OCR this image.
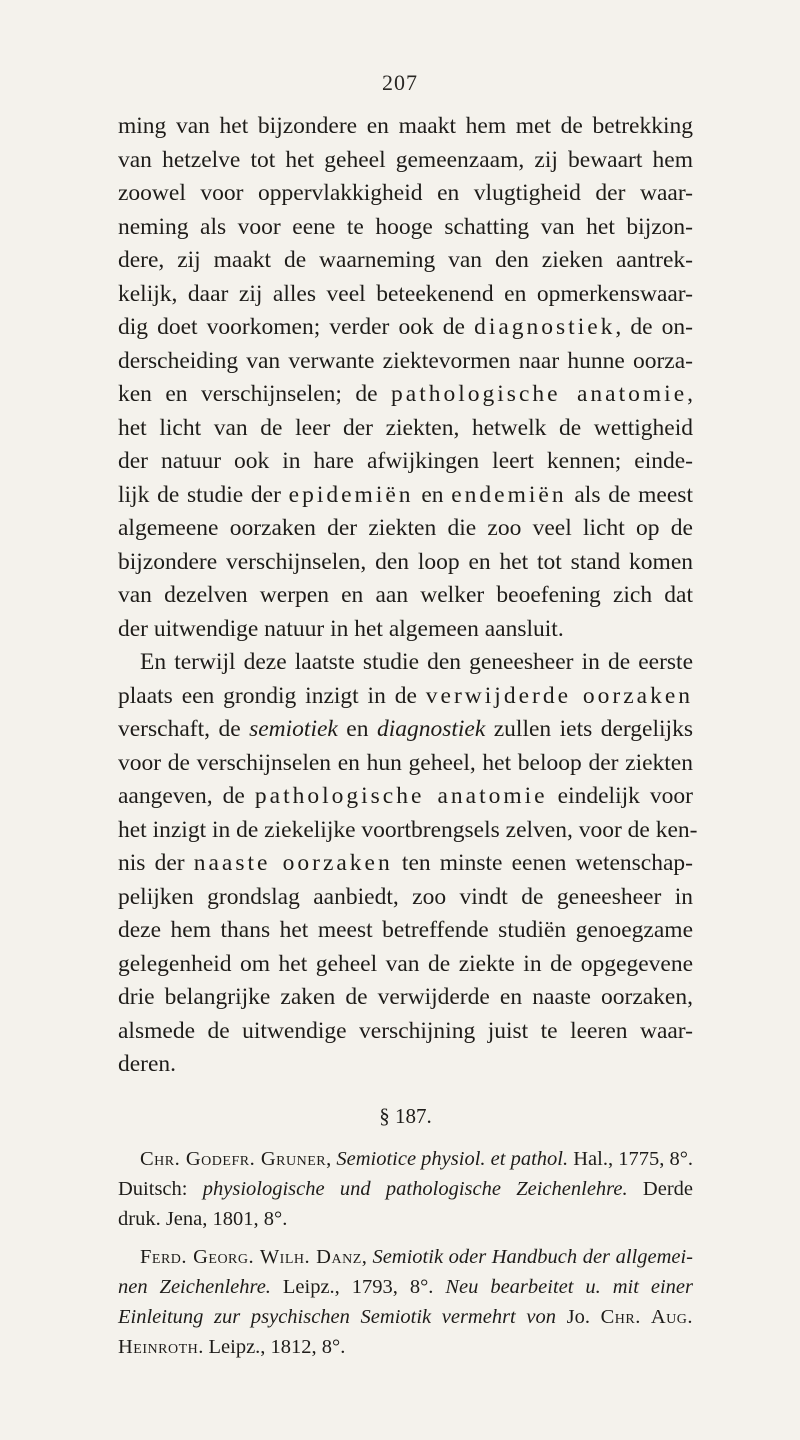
207
ming van het bijzondere en maakt hem met de betrekking
van hetzelve tot het geheel gemeenzaam, zij bewaart hem
zoowel voor oppervlakkigheid en vlugtigheid der waar-
neming als voor eene te hooge schatting van het bijzon-
dere, zij maakt de waarneming van den zieken aantrek-
kelijk, daar zij alles veel beteekenend en opmerkenswaar-
dig doet voorkomen; verder ook de diagnostiek, de on-
derscheiding van verwante ziektevormen naar hunne oorza-
ken en verschijnselen; de pathologische anatomie,
het licht van de leer der ziekten, hetwelk de wettigheid
der natuur ook in hare afwijkingen leert kennen; einde-
lijk de studie der epidemiën en endemiën als de meest
algemeene oorzaken der ziekten die zoo veel licht op de
bijzondere verschijnselen, den loop en het tot stand komen
van dezelven werpen en aan welker beoefening zich dat
der uitwendige natuur in het algemeen aansluit.
En terwijl deze laatste studie den geneesheer in de eerste
plaats een grondig inzigt in de verwijderde oorzaken
verschaft, de semiotiek en diagnostiek zullen iets dergelijks
voor de verschijnselen en hun geheel, het beloop der ziekten
aangeven, de pathologische anatomie eindelijk voor
het inzigt in de ziekelijke voortbrengsels zelven, voor de ken-
nis der naaste oorzaken ten minste eenen wetenschap-
pelijken grondslag aanbiedt, zoo vindt de geneesheer in
deze hem thans het meest betreffende studiën genoegzame
gelegenheid om het geheel van de ziekte in de opgegevene
drie belangrijke zaken de verwijderde en naaste oorzaken,
alsmede de uitwendige verschijning juist te leeren waar-
deren.
§ 187.
Chr. Godefr. Gruner, Semiotice physiol. et pathol. Hal., 1775, 8°.
Duitsch: physiologische und pathologische Zeichenlehre. Derde
druk. Jena, 1801, 8°.
Ferd. Georg. Wilh. Danz, Semiotik oder Handbuch der allgemei-
nen Zeichenlehre. Leipz., 1793, 8°. Neu bearbeitet u. mit einer
Einleitung zur psychischen Semiotik vermehrt von Jo. Chr. Aug.
Heinroth. Leipz., 1812, 8°.
